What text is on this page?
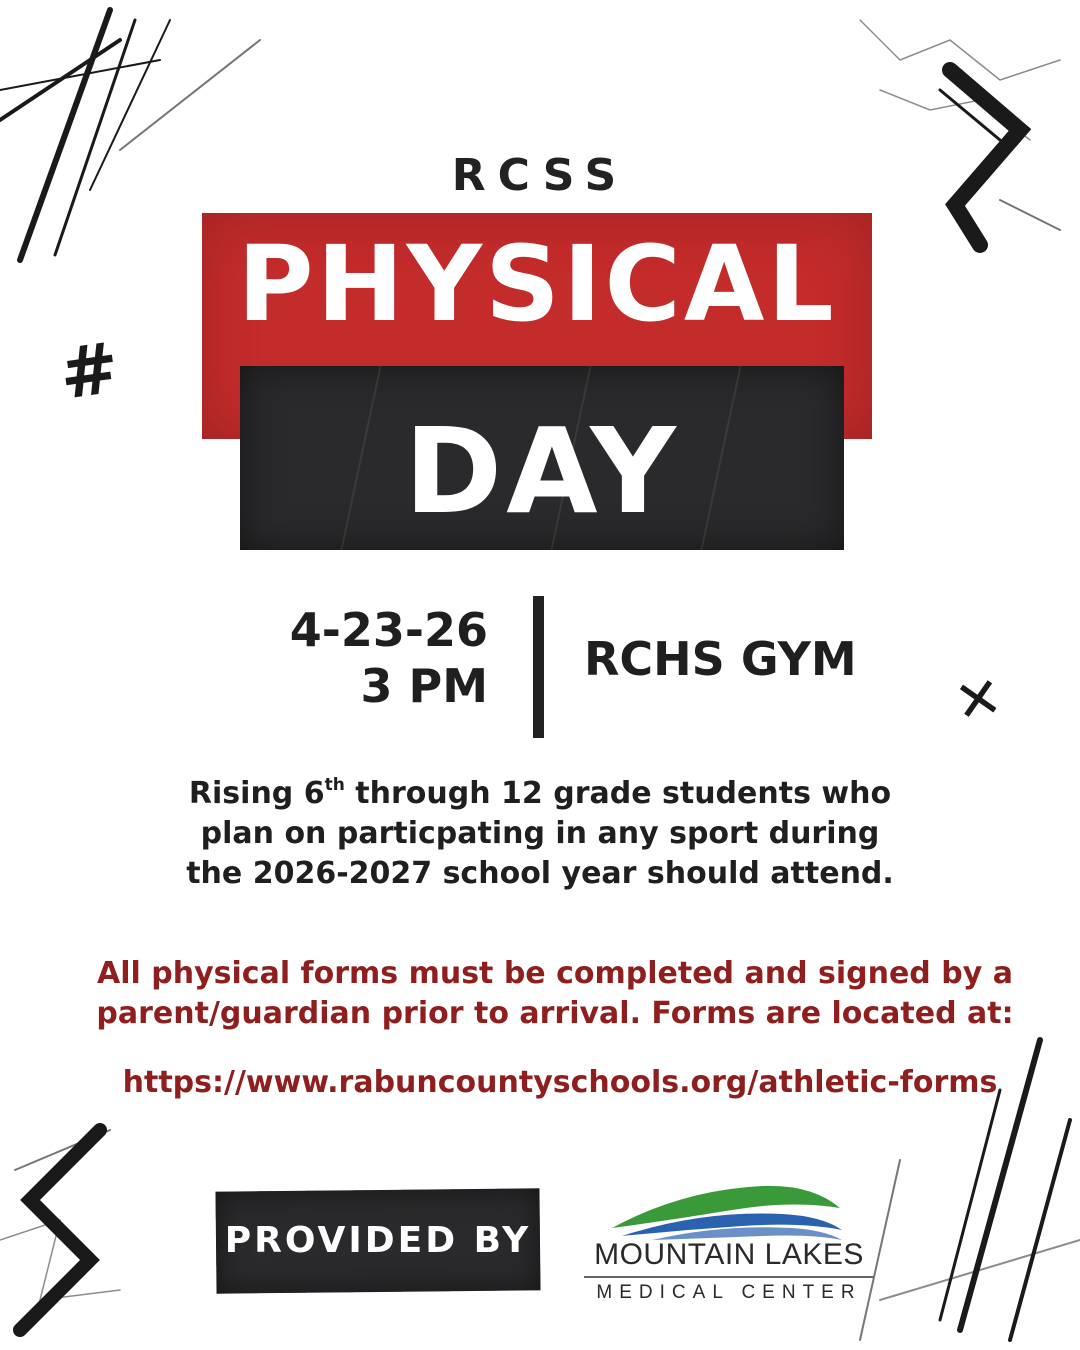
#
✕
RCSS
PHYSICAL
DAY
4-23-26
3 PM RCHS GYM
Rising 6th through 12 grade students who
plan on particpating in any sport during
the 2026-2027 school year should attend.
All physical forms must be completed and signed by a
parent/guardian prior to arrival. Forms are located at:
https://www.rabuncountyschools.org/athletic-forms
PROVIDED BY	MOUNTAIN LAKES
MEDICAL CENTER
